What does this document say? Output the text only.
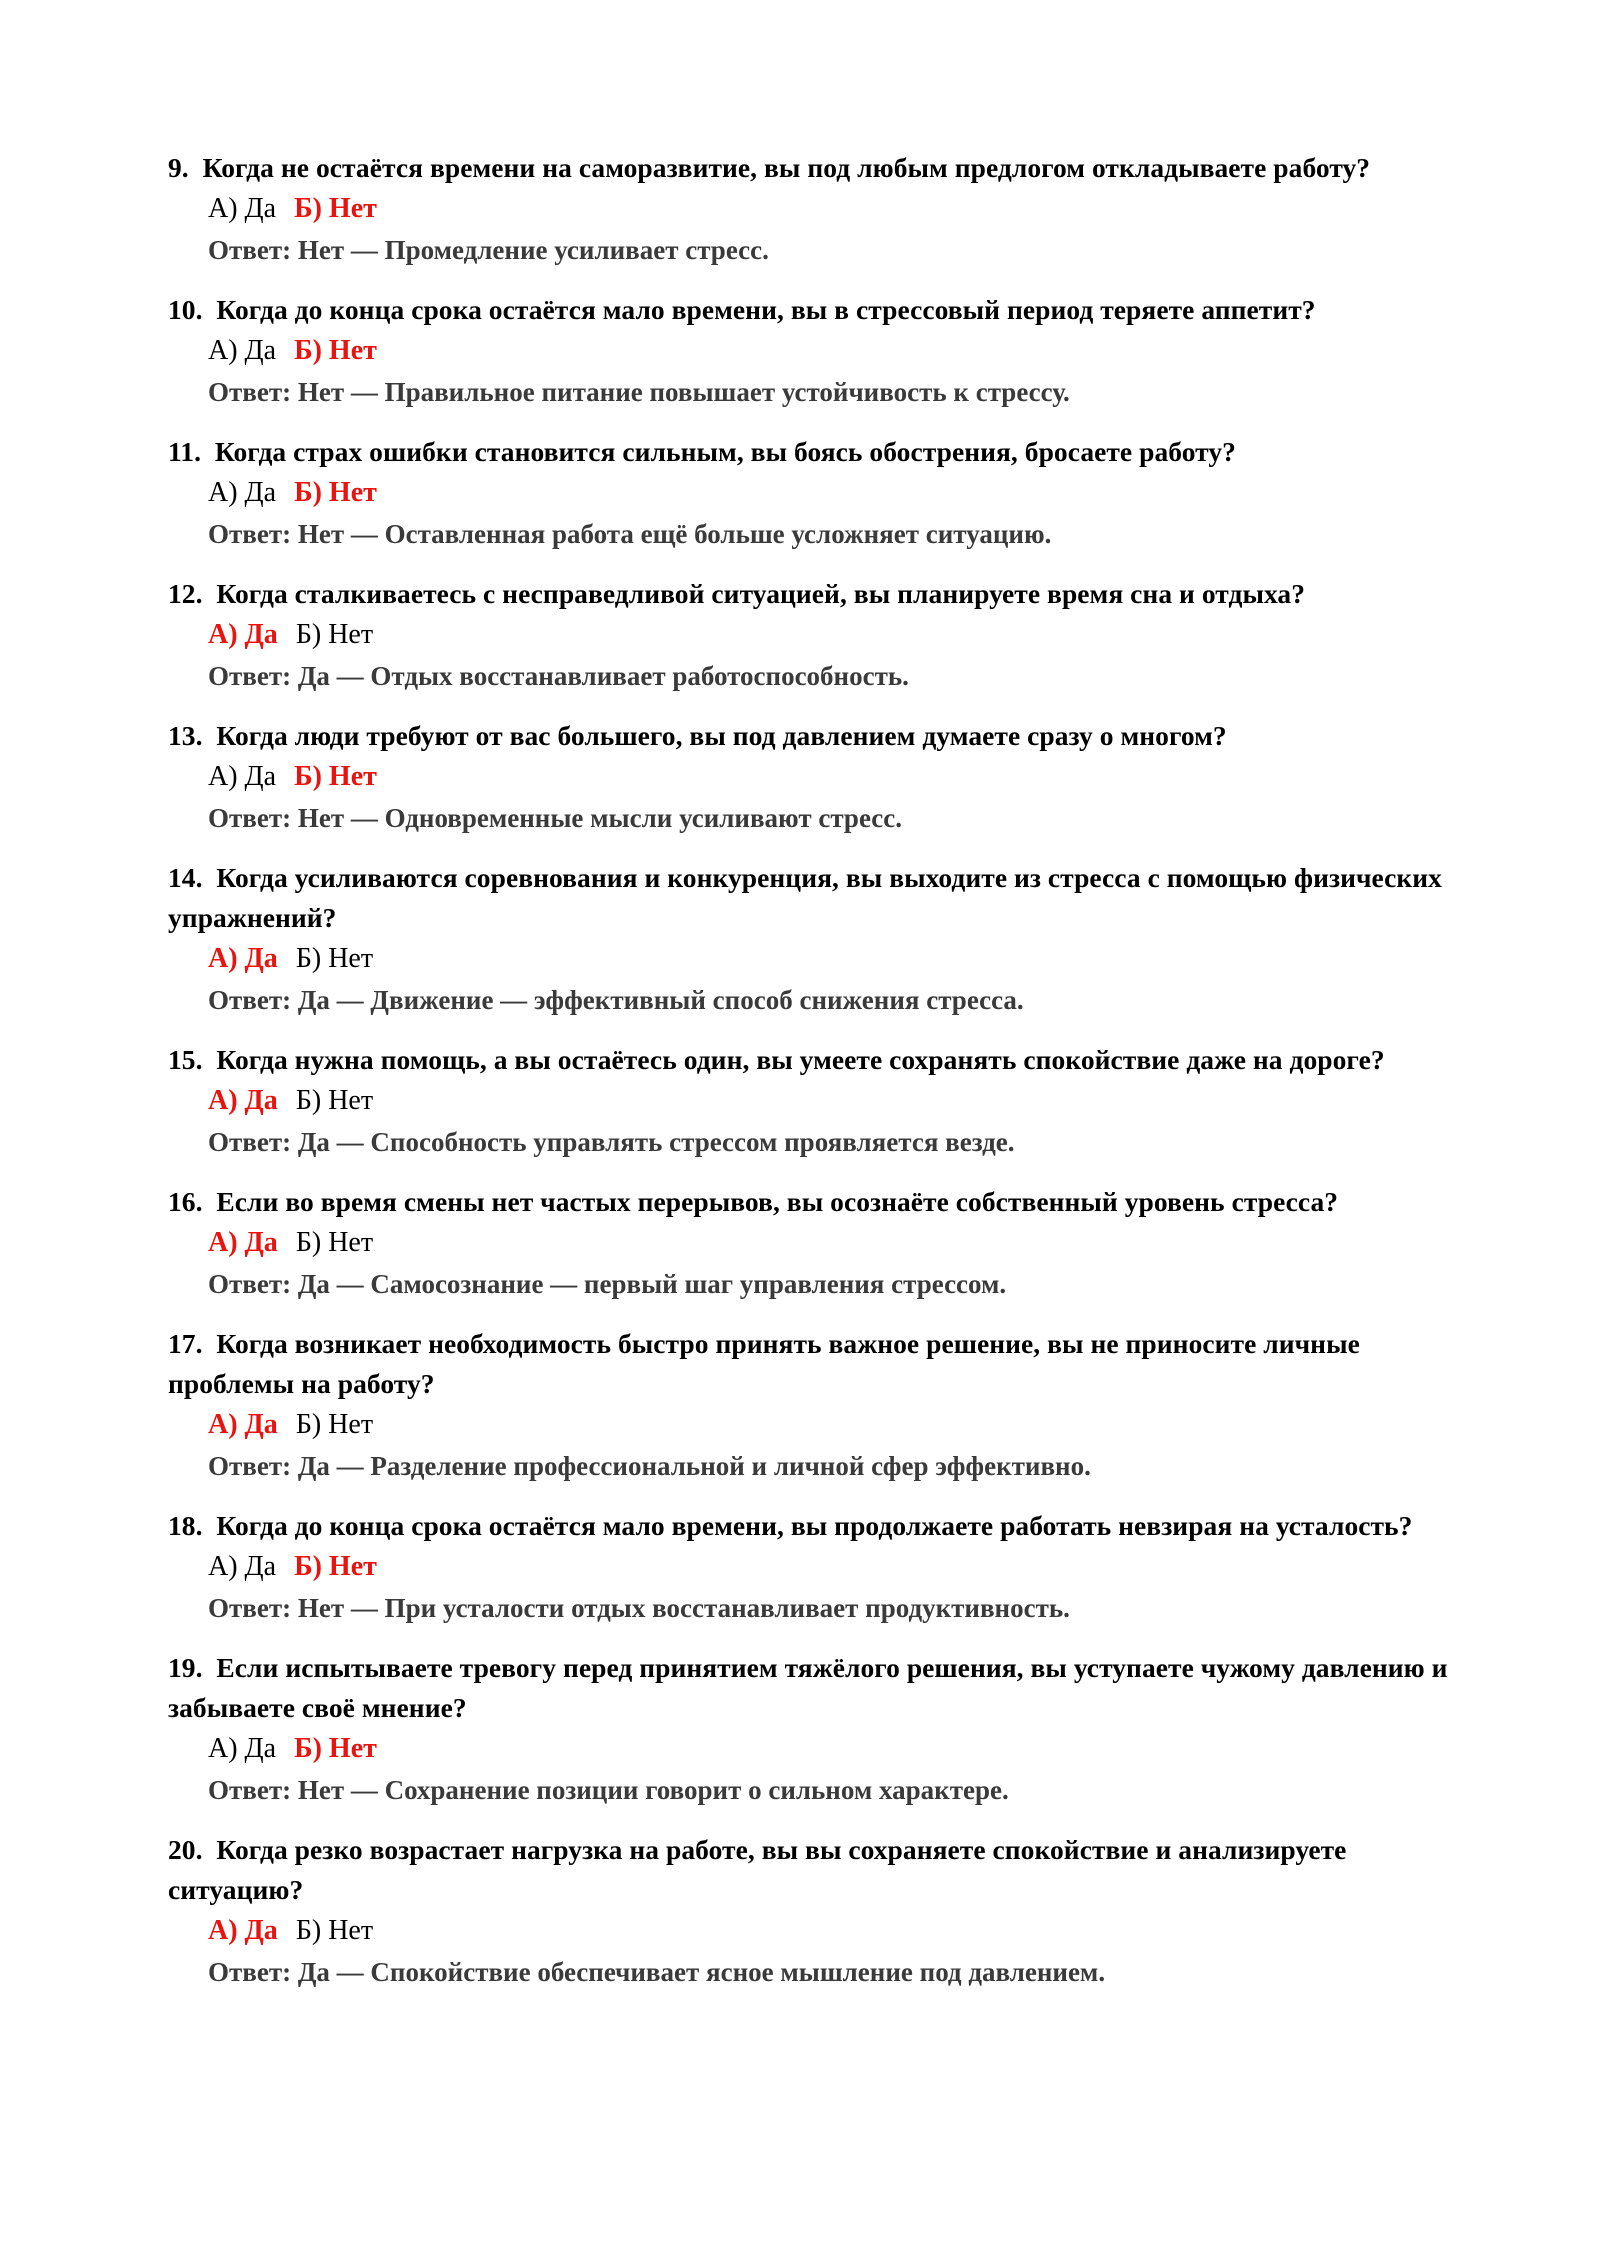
9. Когда не остаётся времени на саморазвитие, вы под любым предлогом откладываете работу?
А) Да Б) Нет
Ответ: Нет — Промедление усиливает стресс.
10. Когда до конца срока остаётся мало времени, вы в стрессовый период теряете аппетит?
А) Да Б) Нет
Ответ: Нет — Правильное питание повышает устойчивость к стрессу.
11. Когда страх ошибки становится сильным, вы боясь обострения, бросаете работу?
А) Да Б) Нет
Ответ: Нет — Оставленная работа ещё больше усложняет ситуацию.
12. Когда сталкиваетесь с несправедливой ситуацией, вы планируете время сна и отдыха?
А) Да Б) Нет
Ответ: Да — Отдых восстанавливает работоспособность.
13. Когда люди требуют от вас большего, вы под давлением думаете сразу о многом?
А) Да Б) Нет
Ответ: Нет — Одновременные мысли усиливают стресс.
14. Когда усиливаются соревнования и конкуренция, вы выходите из стресса с помощью физических упражнений?
А) Да Б) Нет
Ответ: Да — Движение — эффективный способ снижения стресса.
15. Когда нужна помощь, а вы остаётесь один, вы умеете сохранять спокойствие даже на дороге?
А) Да Б) Нет
Ответ: Да — Способность управлять стрессом проявляется везде.
16. Если во время смены нет частых перерывов, вы осознаёте собственный уровень стресса?
А) Да Б) Нет
Ответ: Да — Самосознание — первый шаг управления стрессом.
17. Когда возникает необходимость быстро принять важное решение, вы не приносите личные проблемы на работу?
А) Да Б) Нет
Ответ: Да — Разделение профессиональной и личной сфер эффективно.
18. Когда до конца срока остаётся мало времени, вы продолжаете работать невзирая на усталость?
А) Да Б) Нет
Ответ: Нет — При усталости отдых восстанавливает продуктивность.
19. Если испытываете тревогу перед принятием тяжёлого решения, вы уступаете чужому давлению и забываете своё мнение?
А) Да Б) Нет
Ответ: Нет — Сохранение позиции говорит о сильном характере.
20. Когда резко возрастает нагрузка на работе, вы вы сохраняете спокойствие и анализируете ситуацию?
А) Да Б) Нет
Ответ: Да — Спокойствие обеспечивает ясное мышление под давлением.
